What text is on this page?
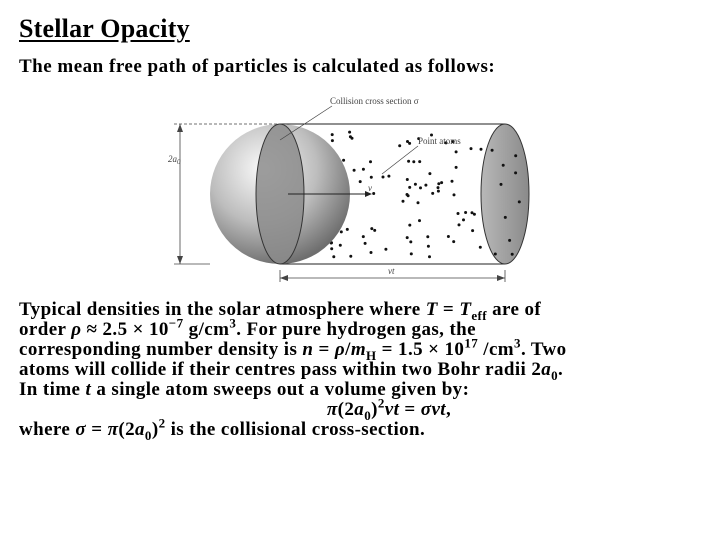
Stellar Opacity
The mean free path of particles is calculated as follows:
v
$2a_0$
vt
Collision cross section σ
Point atoms

Typical densities in the solar atmosphere where $T = T_{eff}$ are of

order $\rho \approx 2.5 \times 10^{-7}$ $g/cm^3$. For pure hydrogen gas, the

corresponding number density is $n = \rho/m_H = 1.5 \times 10^{17}$ $/cm^3$. Two

atoms will collide if their centres pass within two Bohr radii $2a_0$.

In time t a single atom sweeps out a volume given by:

$\pi(2a_0)^2vt = \sigma vt$,

where $\sigma = \pi(2a_0)^2$ is the collisional cross-section.
